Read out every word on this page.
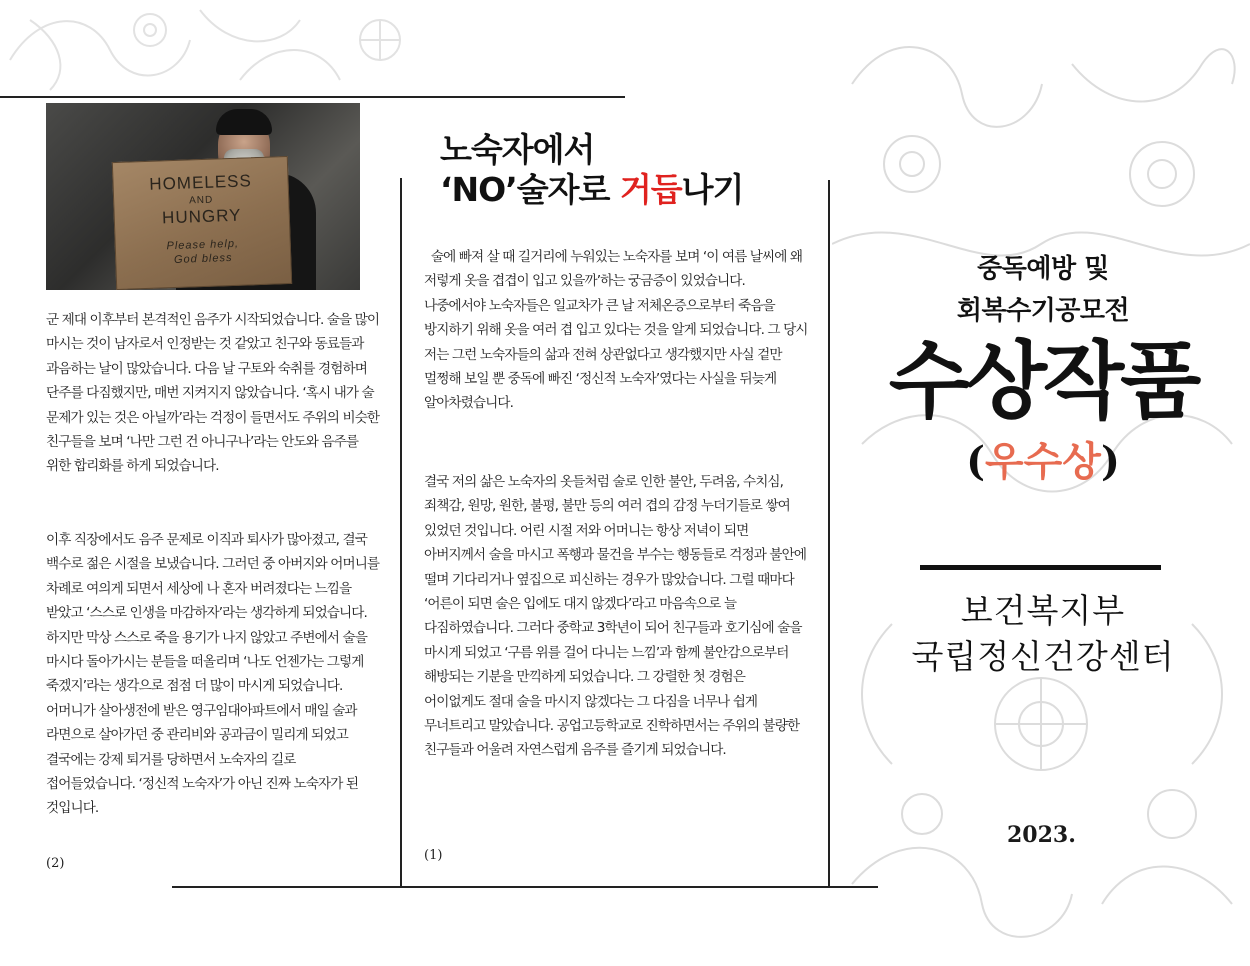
HOMELESS
AND
HUNGRY
Please help,
God bless

군 제대 이후부터 본격적인 음주가 시작되었습니다. 술을 많이 마시는 것이 남자로서 인정받는 것 같았고 친구와 동료들과 과음하는 날이 많았습니다. 다음 날 구토와 숙취를 경험하며 단주를 다짐했지만, 매번 지켜지지 않았습니다. ‘혹시 내가 술 문제가 있는 것은 아닐까’라는 걱정이 들면서도 주위의 비슷한 친구들을 보며 ‘나만 그런 건 아니구나’라는 안도와 음주를 위한 합리화를 하게 되었습니다.

이후 직장에서도 음주 문제로 이직과 퇴사가 많아졌고, 결국 백수로 젊은 시절을 보냈습니다. 그러던 중 아버지와 어머니를 차례로 여의게 되면서 세상에 나 혼자 버려졌다는 느낌을 받았고 ‘스스로 인생을 마감하자’라는 생각하게 되었습니다. 하지만 막상 스스로 죽을 용기가 나지 않았고 주변에서 술을 마시다 돌아가시는 분들을 떠올리며 ‘나도 언젠가는 그렇게 죽겠지’라는 생각으로 점점 더 많이 마시게 되었습니다. 어머니가 살아생전에 받은 영구임대아파트에서 매일 술과 라면으로 살아가던 중 관리비와 공과금이 밀리게 되었고 결국에는 강제 퇴거를 당하면서 노숙자의 길로 접어들었습니다. ‘정신적 노숙자’가 아닌 진짜 노숙자가 된 것입니다.

(2)
노숙자에서
‘NO’술자로 거듭나기

술에 빠져 살 때 길거리에 누워있는 노숙자를 보며 ‘이 여름 날씨에 왜 저렇게 옷을 겹겹이 입고 있을까’하는 궁금증이 있었습니다. 나중에서야 노숙자들은 일교차가 큰 날 저체온증으로부터 죽음을 방지하기 위해 옷을 여러 겹 입고 있다는 것을 알게 되었습니다. 그 당시 저는 그런 노숙자들의 삶과 전혀 상관없다고 생각했지만 사실 겉만 멀쩡해 보일 뿐 중독에 빠진 ‘정신적 노숙자’였다는 사실을 뒤늦게 알아차렸습니다.

결국 저의 삶은 노숙자의 옷들처럼 술로 인한 불안, 두려움, 수치심, 죄책감, 원망, 원한, 불평, 불만 등의 여러 겹의 감정 누더기들로 쌓여 있었던 것입니다. 어린 시절 저와 어머니는 항상 저녁이 되면 아버지께서 술을 마시고 폭행과 물건을 부수는 행동들로 걱정과 불안에 떨며 기다리거나 옆집으로 피신하는 경우가 많았습니다. 그럴 때마다 ‘어른이 되면 술은 입에도 대지 않겠다’라고 마음속으로 늘 다짐하였습니다. 그러다 중학교 3학년이 되어 친구들과 호기심에 술을 마시게 되었고 ‘구름 위를 걸어 다니는 느낌’과 함께 불안감으로부터 해방되는 기분을 만끽하게 되었습니다. 그 강렬한 첫 경험은 어이없게도 절대 술을 마시지 않겠다는 그 다짐을 너무나 쉽게 무너트리고 말았습니다. 공업고등학교로 진학하면서는 주위의 불량한 친구들과 어울려 자연스럽게 음주를 즐기게 되었습니다.

(1)
중독예방 및
회복수기공모전
수상작품
(우수상)
보건복지부
국립정신건강센터
2023.
